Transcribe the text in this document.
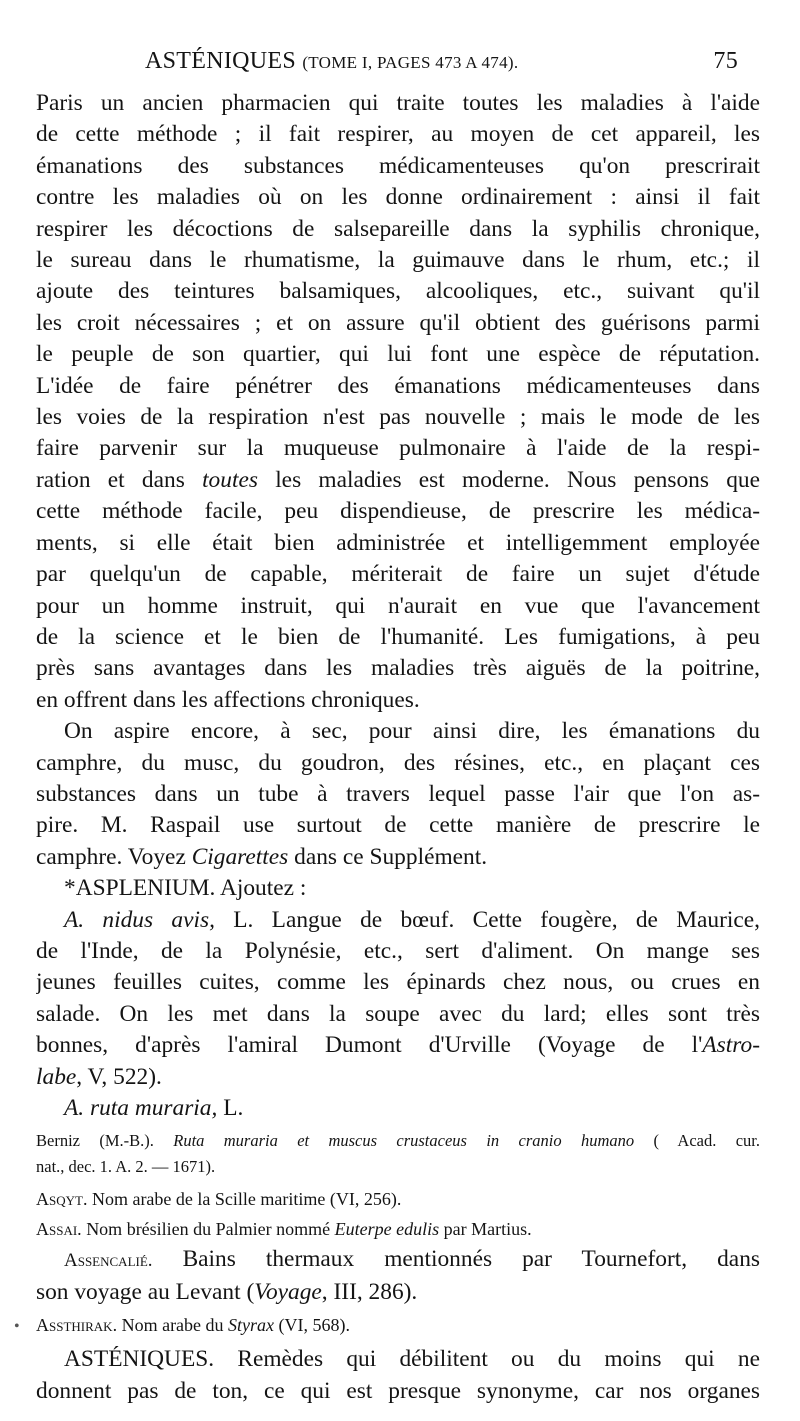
ASTÉNIQUES (TOME I, PAGES 473 A 474).	75

Paris un ancien pharmacien qui traite toutes les maladies à l'aide
de cette méthode ; il fait respirer, au moyen de cet appareil, les
émanations des substances médicamenteuses qu'on prescrirait
contre les maladies où on les donne ordinairement : ainsi il fait
respirer les décoctions de salsepareille dans la syphilis chronique,
le sureau dans le rhumatisme, la guimauve dans le rhum, etc.; il
ajoute des teintures balsamiques, alcooliques, etc., suivant qu'il
les croit nécessaires ; et on assure qu'il obtient des guérisons parmi
le peuple de son quartier, qui lui font une espèce de réputation.
L'idée de faire pénétrer des émanations médicamenteuses dans
les voies de la respiration n'est pas nouvelle ; mais le mode de les
faire parvenir sur la muqueuse pulmonaire à l'aide de la respi-
ration et dans toutes les maladies est moderne. Nous pensons que
cette méthode facile, peu dispendieuse, de prescrire les médica-
ments, si elle était bien administrée et intelligemment employée
par quelqu'un de capable, mériterait de faire un sujet d'étude
pour un homme instruit, qui n'aurait en vue que l'avancement
de la science et le bien de l'humanité. Les fumigations, à peu
près sans avantages dans les maladies très aiguës de la poitrine,
en offrent dans les affections chroniques.

On aspire encore, à sec, pour ainsi dire, les émanations du
camphre, du musc, du goudron, des résines, etc., en plaçant ces
substances dans un tube à travers lequel passe l'air que l'on as-
pire. M. Raspail use surtout de cette manière de prescrire le
camphre. Voyez Cigarettes dans ce Supplément.

*ASPLENIUM. Ajoutez :
A. nidus avis, L. Langue de bœuf. Cette fougère, de Maurice,
de l'Inde, de la Polynésie, etc., sert d'aliment. On mange ses
jeunes feuilles cuites, comme les épinards chez nous, ou crues en
salade. On les met dans la soupe avec du lard; elles sont très
bonnes, d'après l'amiral Dumont d'Urville (Voyage de l'Astro-
labe, V, 522).
A. ruta muraria, L.
Berniz (M.-B.). Ruta muraria et muscus crustaceus in cranio humano ( Acad. cur.
nat., dec. 1. A. 2. — 1671).

Asqyt. Nom arabe de la Scille maritime (VI, 256).

Assai. Nom brésilien du Palmier nommé Euterpe edulis par Martius.

Assencalié. Bains thermaux mentionnés par Tournefort, dans
son voyage au Levant (Voyage, III, 286).

Assthirak. Nom arabe du Styrax (VI, 568).

ASTÉNIQUES. Remèdes qui débilitent ou du moins qui ne
donnent pas de ton, ce qui est presque synonyme, car nos organes

•
